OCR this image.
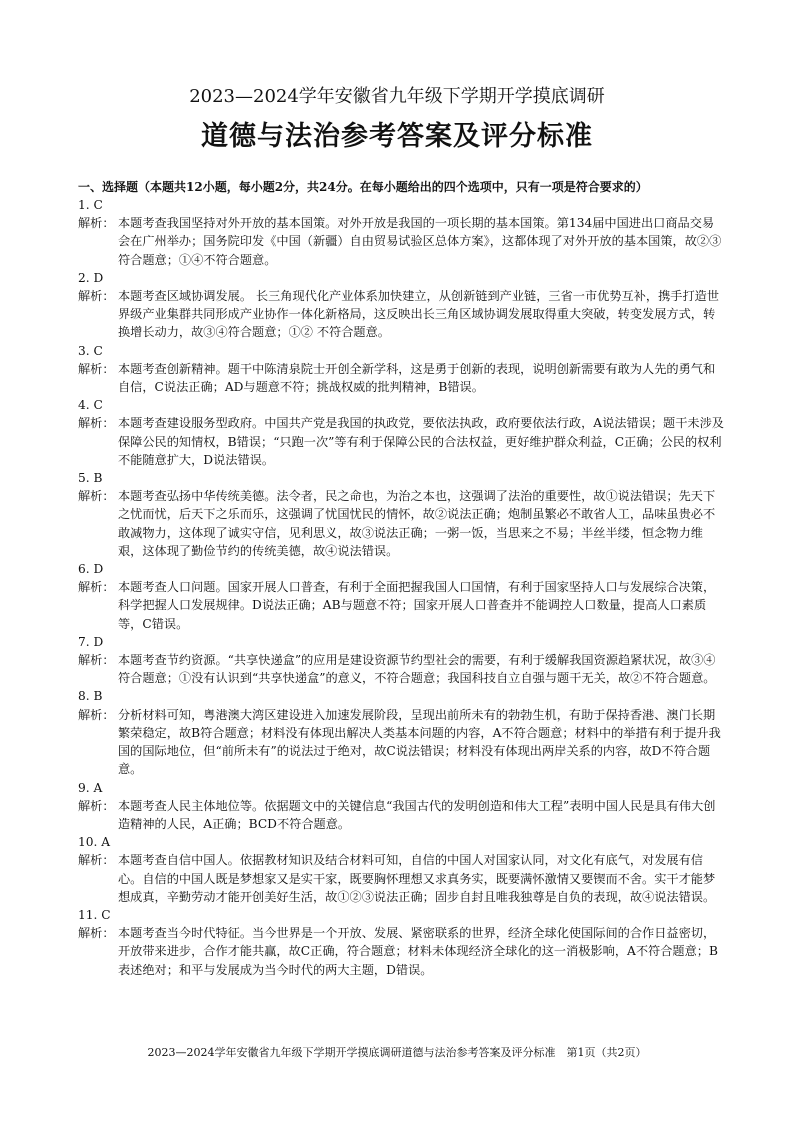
2023—2024学年安徽省九年级下学期开学摸底调研
道德与法治参考答案及评分标准
一、选择题（本题共12小题，每小题2分，共24分。在每小题给出的四个选项中，只有一项是符合要求的）
1. C
解析： 本题考查我国坚持对外开放的基本国策。对外开放是我国的一项长期的基本国策。第134届中国进出口商品交易会在广州举办；国务院印发《中国（新疆）自由贸易试验区总体方案》，这都体现了对外开放的基本国策，故②③符合题意；①④不符合题意。
2. D
解析： 本题考查区域协调发展。 长三角现代化产业体系加快建立，从创新链到产业链，三省一市优势互补，携手打造世界级产业集群共同形成产业协作一体化新格局，这反映出长三角区域协调发展取得重大突破，转变发展方式，转换增长动力，故③④符合题意；①② 不符合题意。
3. C
解析： 本题考查创新精神。题干中陈清泉院士开创全新学科，这是勇于创新的表现，说明创新需要有敢为人先的勇气和自信，C说法正确；AD与题意不符；挑战权威的批判精神，B错误。
4. C
解析： 本题考查建设服务型政府。中国共产党是我国的执政党，要依法执政，政府要依法行政，A说法错误；题干未涉及保障公民的知情权，B错误；“只跑一次”等有利于保障公民的合法权益，更好维护群众利益，C正确；公民的权利不能随意扩大，D说法错误。
5. B
解析： 本题考查弘扬中华传统美德。法令者，民之命也，为治之本也，这强调了法治的重要性，故①说法错误；先天下之忧而忧，后天下之乐而乐，这强调了忧国忧民的情怀，故②说法正确；炮制虽繁必不敢省人工，品味虽贵必不敢减物力，这体现了诚实守信，见利思义，故③说法正确；一粥一饭，当思来之不易；半丝半缕，恒念物力维艰，这体现了勤俭节约的传统美德，故④说法错误。
6. D
解析： 本题考查人口问题。国家开展人口普查，有利于全面把握我国人口国情，有利于国家坚持人口与发展综合决策，科学把握人口发展规律。D说法正确；AB与题意不符；国家开展人口普查并不能调控人口数量，提高人口素质等，C错误。
7. D
解析： 本题考查节约资源。“共享快递盒”的应用是建设资源节约型社会的需要，有利于缓解我国资源趋紧状况，故③④符合题意；①没有认识到“共享快递盒”的意义，不符合题意；我国科技自立自强与题干无关，故②不符合题意。
8. B
解析： 分析材料可知，粤港澳大湾区建设进入加速发展阶段，呈现出前所未有的勃勃生机，有助于保持香港、澳门长期繁荣稳定，故B符合题意；材料没有体现出解决人类基本问题的内容，A不符合题意；材料中的举措有利于提升我国的国际地位，但“前所未有”的说法过于绝对，故C说法错误；材料没有体现出两岸关系的内容，故D不符合题意。
9. A
解析： 本题考查人民主体地位等。依据题文中的关键信息“我国古代的发明创造和伟大工程”表明中国人民是具有伟大创造精神的人民，A正确；BCD不符合题意。
10. A
解析： 本题考查自信中国人。依据教材知识及结合材料可知，自信的中国人对国家认同，对文化有底气，对发展有信心。自信的中国人既是梦想家又是实干家，既要胸怀理想又求真务实，既要满怀激情又要锲而不舍。实干才能梦想成真，辛勤劳动才能开创美好生活，故①②③说法正确；固步自封且唯我独尊是自负的表现，故④说法错误。
11. C
解析： 本题考查当今时代特征。当今世界是一个开放、发展、紧密联系的世界，经济全球化使国际间的合作日益密切，开放带来进步，合作才能共赢，故C正确，符合题意；材料未体现经济全球化的这一消极影响，A不符合题意；B表述绝对；和平与发展成为当今时代的两大主题，D错误。
2023—2024学年安徽省九年级下学期开学摸底调研道德与法治参考答案及评分标准　第1页（共2页）
